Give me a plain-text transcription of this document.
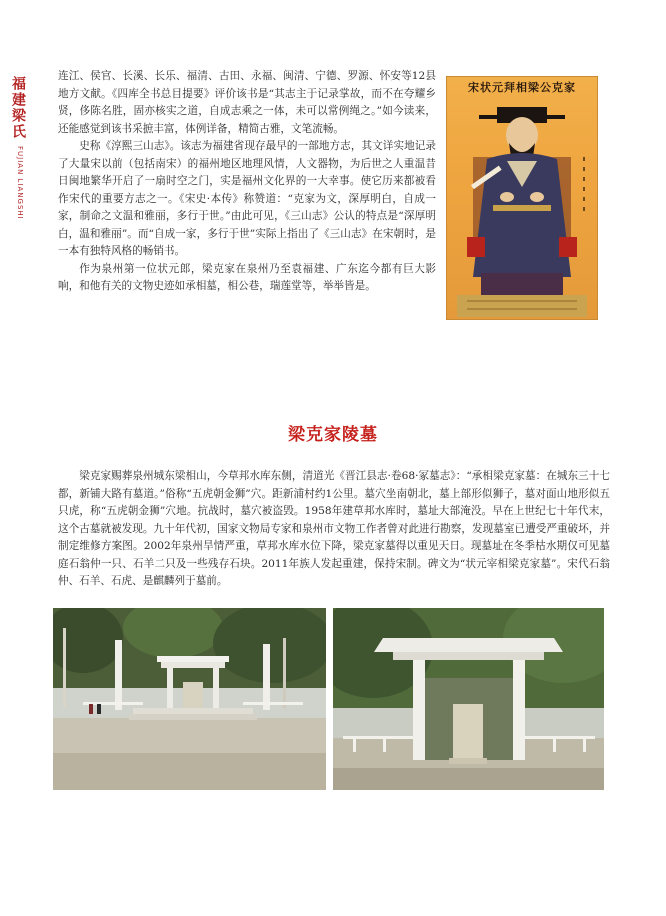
福建梁氏
FUJIAN LIANGSHI

连江、侯官、长溪、长乐、福清、古田、永福、闽清、宁德、罗源、怀安等12县地方文献。《四库全书总目提要》评价该书是“其志主于记录掌故，而不在夸耀乡贤，侈陈名胜，固亦核实之道，自成志乘之一体，未可以常例绳之。”如今读来，还能感觉到该书采摭丰富，体例详备，精简古雅，文笔流畅。

史称《淳熙三山志》。该志为福建省现存最早的一部地方志，其文详实地记录了大量宋以前（包括南宋）的福州地区地理风情，人文器物，为后世之人重温昔日闽地繁华开启了一扇时空之门，实是福州文化界的一大幸事。使它历来都被看作宋代的重要方志之一。《宋史·本传》称赞道：“克家为文，深厚明白，自成一家，制命之文温和雅丽，多行于世。”由此可见，《三山志》公认的特点是“深厚明白，温和雅丽”。而“自成一家，多行于世”实际上指出了《三山志》在宋朝时，是一本有独特风格的畅销书。

作为泉州第一位状元郎，梁克家在泉州乃至袁福建、广东迄今都有巨大影响，和他有关的文物史迹如承相墓，相公巷，瑞莲堂等，举举皆是。

宋状元拜相梁公克家
梁克家陵墓

梁克家赐葬泉州城东梁相山，今草邦水库东侧，清道光《晋江县志·卷68·冢墓志》：“承相梁克家墓：在城东三十七都，新铺大路有墓道。”俗称“五虎朝金狮”穴。距新浦村约1公里。墓穴坐南朝北，墓上部形似狮子，墓对面山地形似五只虎，称“五虎朝金狮”穴地。抗战时，墓穴被盗毁。1958年建草邦水库时，墓址大部淹没。早在上世纪七十年代末，这个古墓就被发现。九十年代初，国家文物局专家和泉州市文物工作者曾对此进行勘察，发现墓室已遭受严重破坏，并制定维修方案图。2002年泉州旱情严重，草邦水库水位下降，梁克家墓得以重见天日。现墓址在冬季枯水期仅可见墓庭石翁仲一只、石羊二只及一些残存石块。2011年族人发起重建，保持宋制。碑文为“状元宰相梁克家墓”。宋代石翁仲、石羊、石虎、是麒麟列于墓前。
